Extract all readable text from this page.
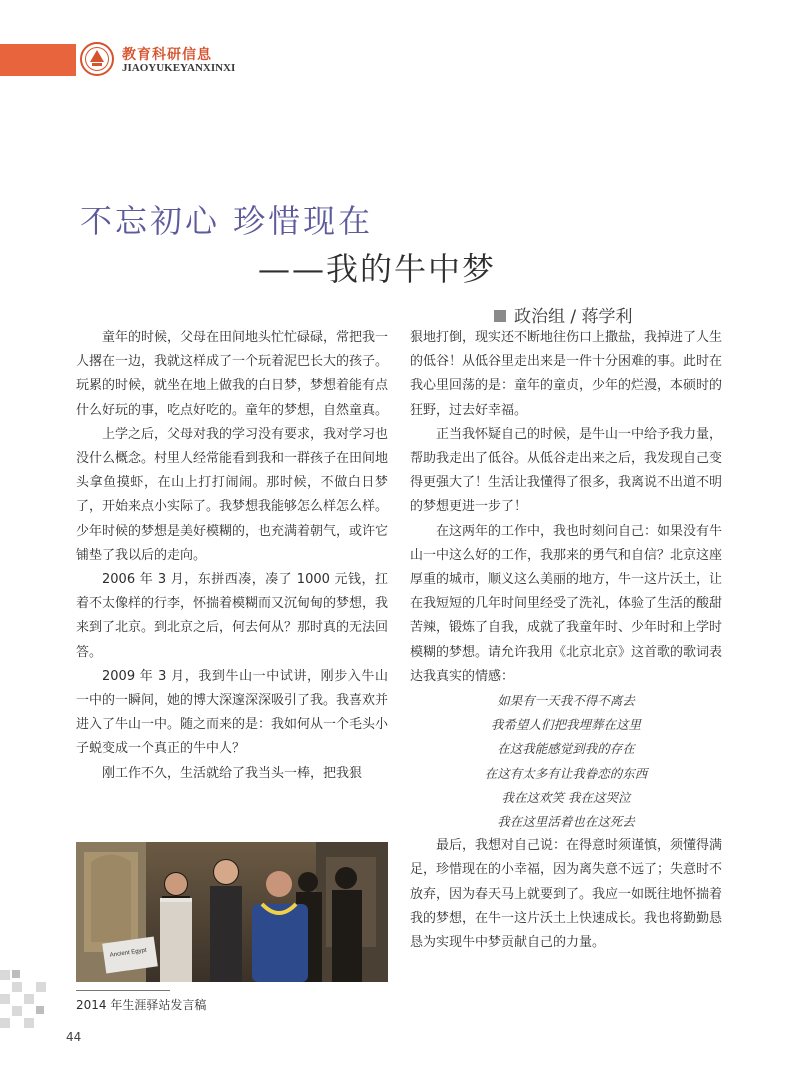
教育科研信息
JIAOYUKEYANXINXI
不忘初心 珍惜现在
——我的牛中梦
政治组 / 蒋学利

童年的时候，父母在田间地头忙忙碌碌，常把我一人撂在一边，我就这样成了一个玩着泥巴长大的孩子。玩累的时候，就坐在地上做我的白日梦，梦想着能有点什么好玩的事，吃点好吃的。童年的梦想，自然童真。

上学之后，父母对我的学习没有要求，我对学习也没什么概念。村里人经常能看到我和一群孩子在田间地头拿鱼摸虾，在山上打打闹闹。那时候，不做白日梦了，开始来点小实际了。我梦想我能够怎么样怎么样。少年时候的梦想是美好模糊的，也充满着朝气，或许它铺垫了我以后的走向。

2006 年 3 月，东拼西凑，凑了 1000 元钱，扛着不太像样的行李，怀揣着模糊而又沉甸甸的梦想，我来到了北京。到北京之后，何去何从？那时真的无法回答。

2009 年 3 月，我到牛山一中试讲，刚步入牛山一中的一瞬间，她的博大深邃深深吸引了我。我喜欢并进入了牛山一中。随之而来的是：我如何从一个毛头小子蜕变成一个真正的牛中人？

刚工作不久，生活就给了我当头一棒，把我狠

狠地打倒，现实还不断地往伤口上撒盐，我掉进了人生的低谷！从低谷里走出来是一件十分困难的事。此时在我心里回荡的是：童年的童贞，少年的烂漫，本硕时的狂野，过去好幸福。

正当我怀疑自己的时候，是牛山一中给予我力量，帮助我走出了低谷。从低谷走出来之后，我发现自己变得更强大了！生活让我懂得了很多，我离说不出道不明的梦想更进一步了！

在这两年的工作中，我也时刻问自己：如果没有牛山一中这么好的工作，我那来的勇气和自信？北京这座厚重的城市，顺义这么美丽的地方，牛一这片沃土，让在我短短的几年时间里经受了洗礼，体验了生活的酸甜苦辣，锻炼了自我，成就了我童年时、少年时和上学时模糊的梦想。请允许我用《北京北京》这首歌的歌词表达我真实的情感：

如果有一天我不得不离去
我希望人们把我埋葬在这里
在这我能感觉到我的存在
在这有太多有让我眷恋的东西
我在这欢笑 我在这哭泣
我在这里活着也在这死去

最后，我想对自己说：在得意时须谨慎，须懂得满足，珍惜现在的小幸福，因为离失意不远了；失意时不放弃，因为春天马上就要到了。我应一如既往地怀揣着我的梦想，在牛一这片沃土上快速成长。我也将勤勤恳恳为实现牛中梦贡献自己的力量。

Ancient Egypt
2014 年生涯驿站发言稿
44
